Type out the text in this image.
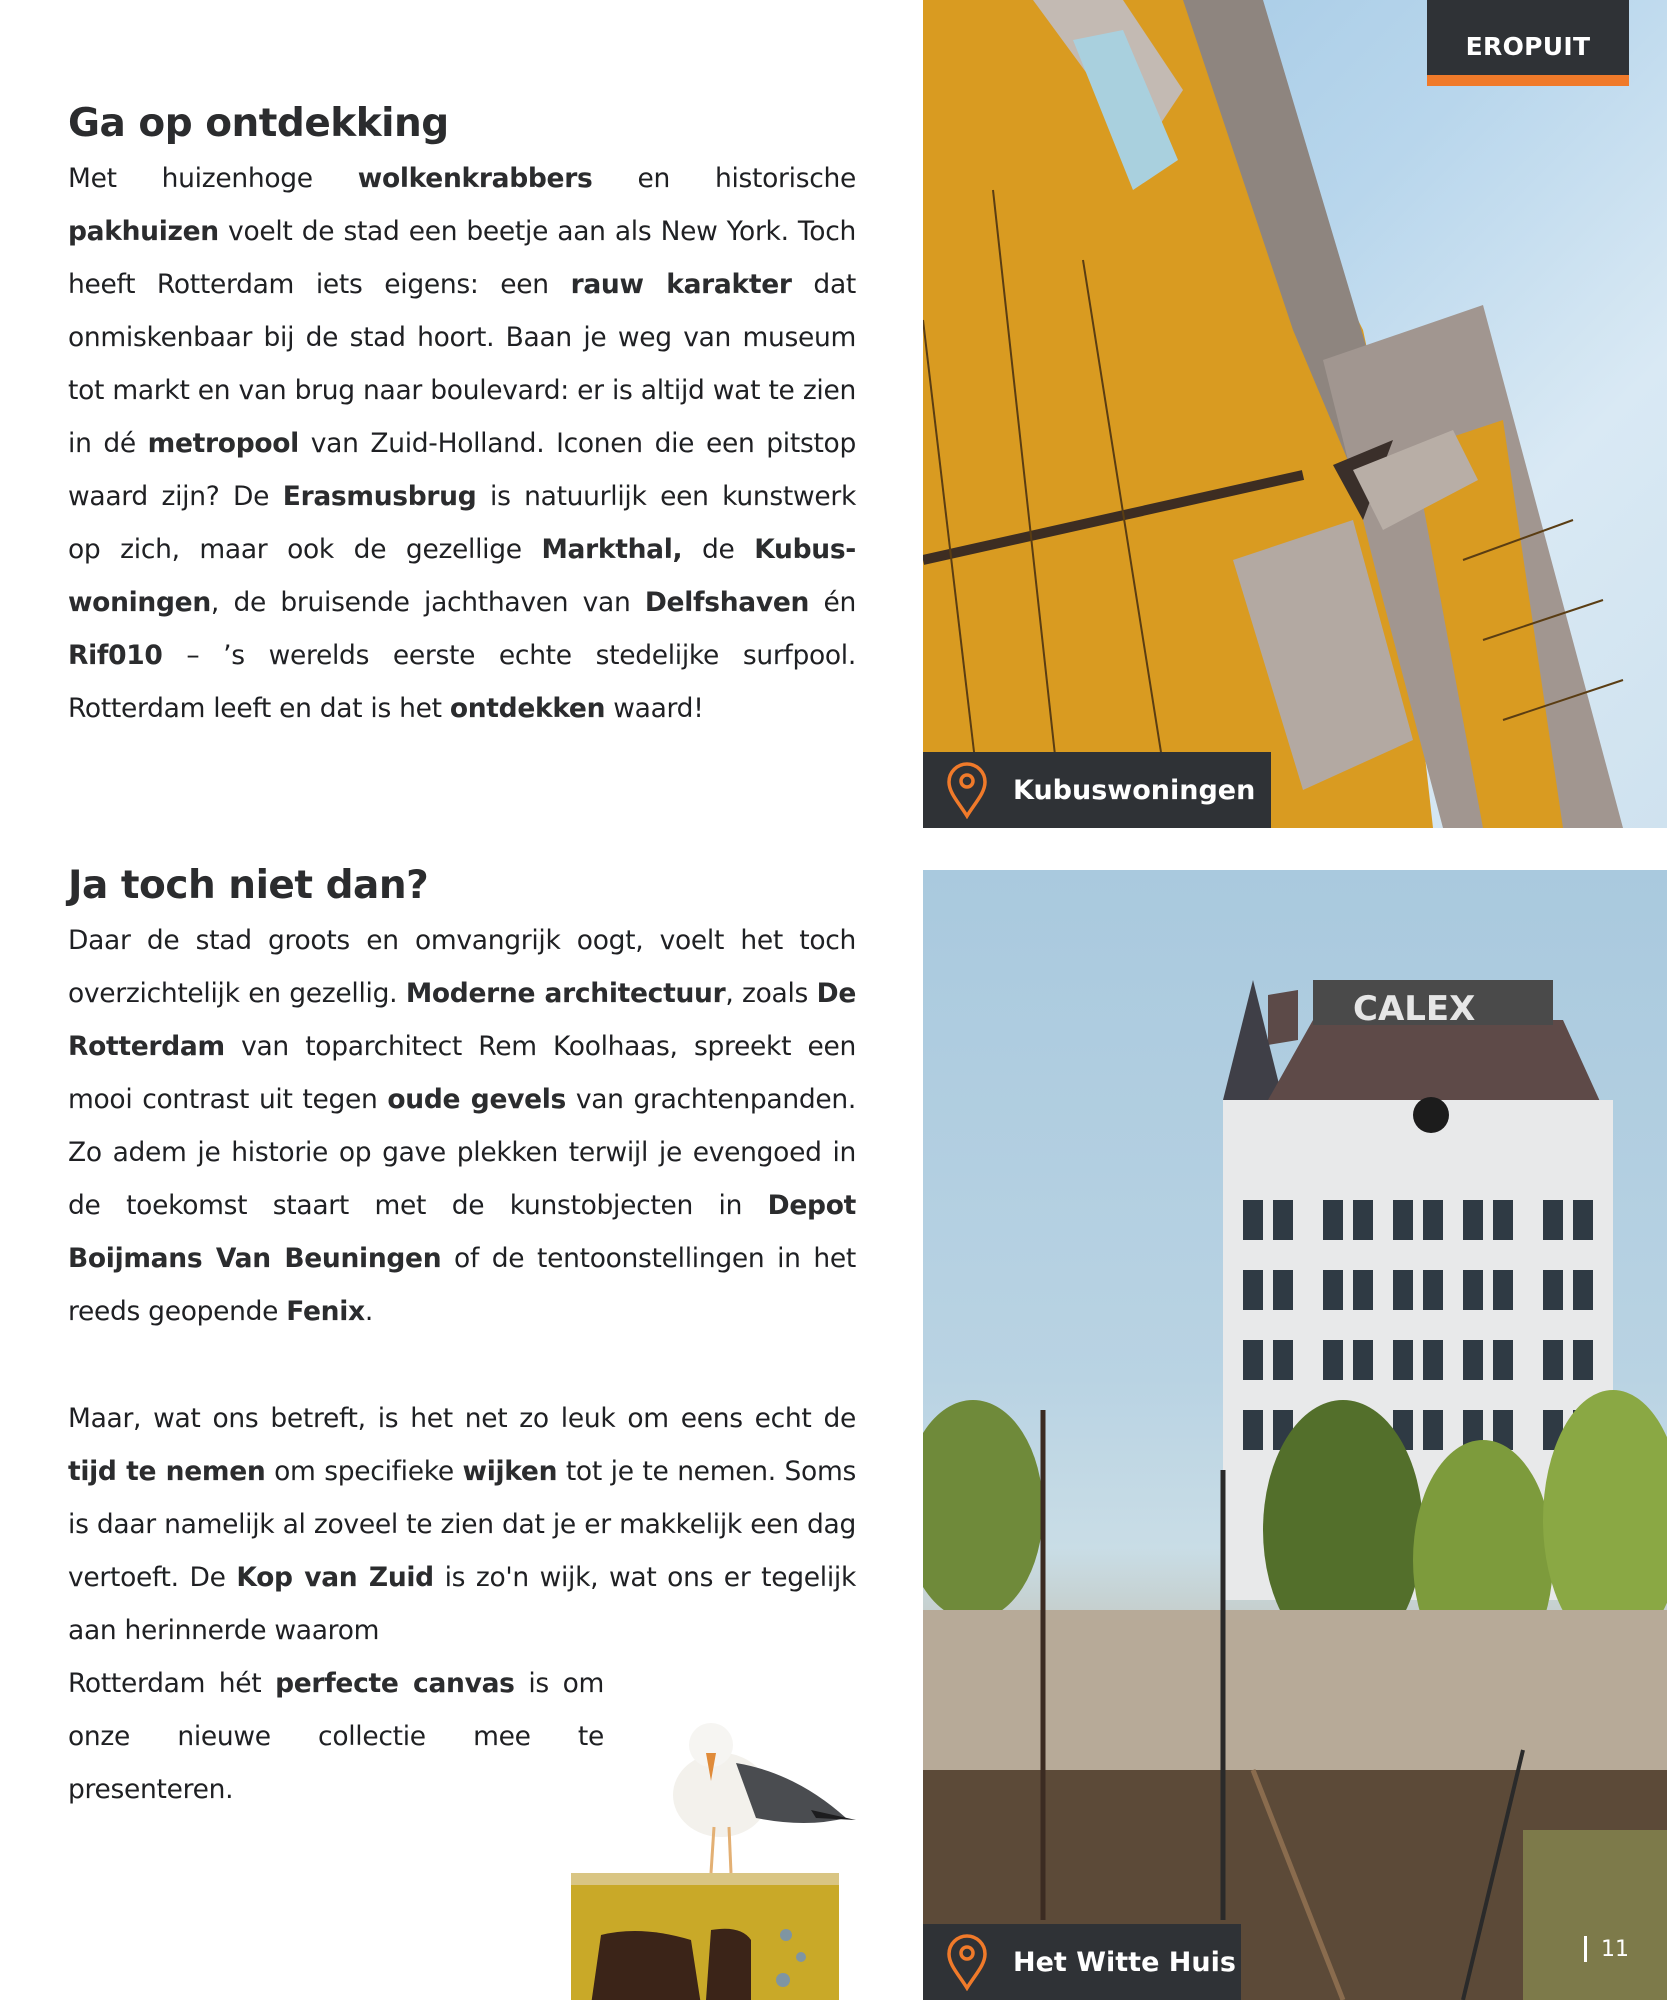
Ga op ontdekking

Met huizenhoge wolkenkrabbers en historische pakhuizen voelt de stad een beetje aan als New York. Toch heeft Rotterdam iets eigens: een rauw karakter dat onmiskenbaar bij de stad hoort. Baan je weg van museum tot markt en van brug naar boulevard: er is altijd wat te zien in dé metropool van Zuid-Holland. Iconen die een pitstop waard zijn? De Erasmusbrug is natuurlijk een kunstwerk op zich, maar ook de gezellige Markthal, de Kubus-woningen, de bruisende jachthaven van Delfshaven én Rif010 – ’s werelds eerste echte stedelijke surfpool. Rotterdam leeft en dat is het ontdekken waard!

Ja toch niet dan?

Daar de stad groots en omvangrijk oogt, voelt het toch overzichtelijk en gezellig. Moderne architectuur, zoals De Rotterdam van toparchitect Rem Koolhaas, spreekt een mooi contrast uit tegen oude gevels van grachtenpanden. Zo adem je historie op gave plekken terwijl je evengoed in de toekomst staart met de kunstobjecten in Depot Boijmans Van Beuningen of de tentoonstellingen in het reeds geopende Fenix.

Maar, wat ons betreft, is het net zo leuk om eens echt de tijd te nemen om specifieke wijken tot je te nemen. Soms is daar namelijk al zoveel te zien dat je er makkelijk een dag vertoeft. De Kop van Zuid is zo'n wijk, wat ons er tegelijk aan herinnerde waarom

Rotterdam hét perfecte canvas is om onze nieuwe collectie mee te presenteren.

EROPUIT
Kubuswoningen
CALEX
Het Witte Huis	11
